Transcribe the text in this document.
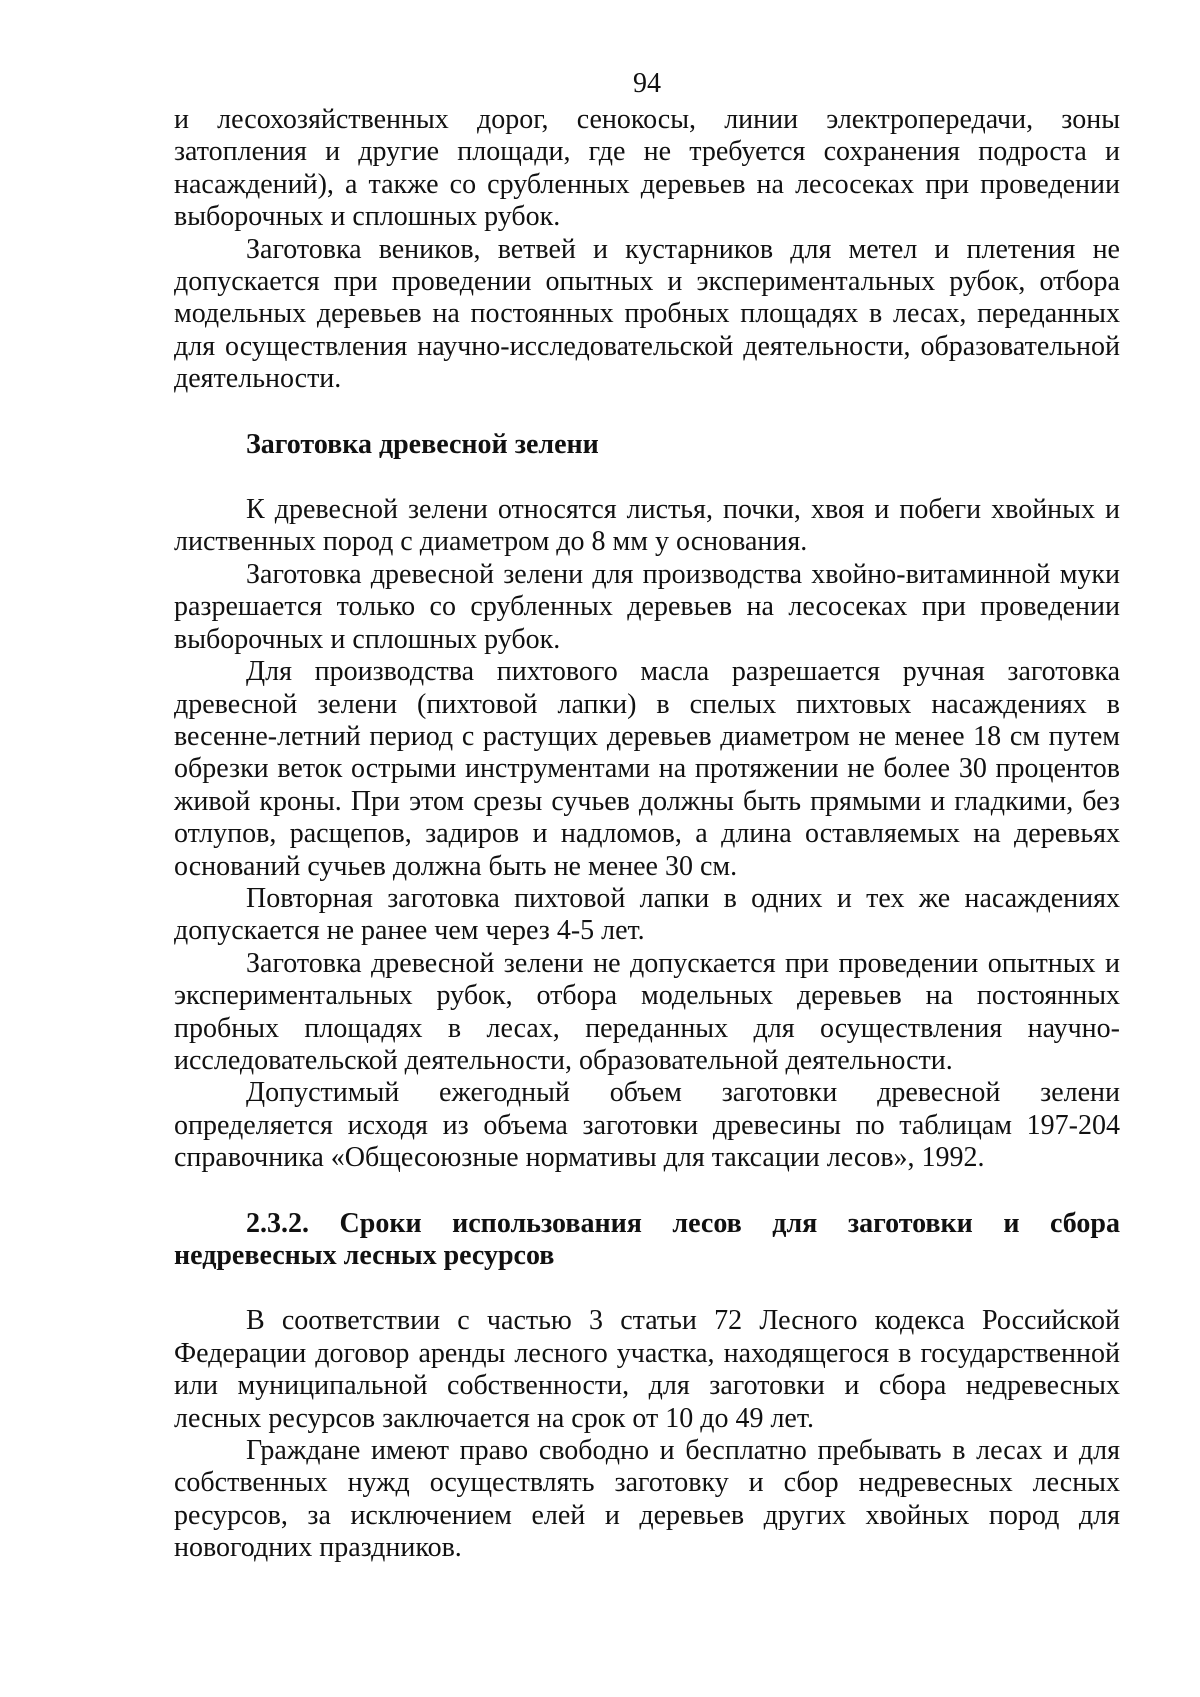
94

и лесохозяйственных дорог, сенокосы, линии электропередачи, зоны затопления и другие площади, где не требуется сохранения подроста и насаждений), а также со срубленных деревьев на лесосеках при проведении выборочных и сплошных рубок.

Заготовка веников, ветвей и кустарников для метел и плетения не допускается при проведении опытных и экспериментальных рубок, отбора модельных деревьев на постоянных пробных площадях в лесах, переданных для осуществления научно-исследовательской деятельности, образовательной деятельности.

Заготовка древесной зелени

К древесной зелени относятся листья, почки, хвоя и побеги хвойных и лиственных пород с диаметром до 8 мм у основания.

Заготовка древесной зелени для производства хвойно-витаминной муки разрешается только со срубленных деревьев на лесосеках при проведении выборочных и сплошных рубок.

Для производства пихтового масла разрешается ручная заготовка древесной зелени (пихтовой лапки) в спелых пихтовых насаждениях в весенне-летний период с растущих деревьев диаметром не менее 18 см путем обрезки веток острыми инструментами на протяжении не более 30 процентов живой кроны. При этом срезы сучьев должны быть прямыми и гладкими, без отлупов, расщепов, задиров и надломов, а длина оставляемых на деревьях оснований сучьев должна быть не менее 30 см.

Повторная заготовка пихтовой лапки в одних и тех же насаждениях допускается не ранее чем через 4-5 лет.

Заготовка древесной зелени не допускается при проведении опытных и экспериментальных рубок, отбора модельных деревьев на постоянных пробных площадях в лесах, переданных для осуществления научно-исследовательской деятельности, образовательной деятельности.

Допустимый ежегодный объем заготовки древесной зелени определяется исходя из объема заготовки древесины по таблицам 197-204 справочника «Общесоюзные нормативы для таксации лесов», 1992.

2.3.2. Сроки использования лесов для заготовки и сбора недревесных лесных ресурсов

В соответствии с частью 3 статьи 72 Лесного кодекса Российской Федерации договор аренды лесного участка, находящегося в государственной или муниципальной собственности, для заготовки и сбора недревесных лесных ресурсов заключается на срок от 10 до 49 лет.

Граждане имеют право свободно и бесплатно пребывать в лесах и для собственных нужд осуществлять заготовку и сбор недревесных лесных ресурсов, за исключением елей и деревьев других хвойных пород для новогодних праздников.
